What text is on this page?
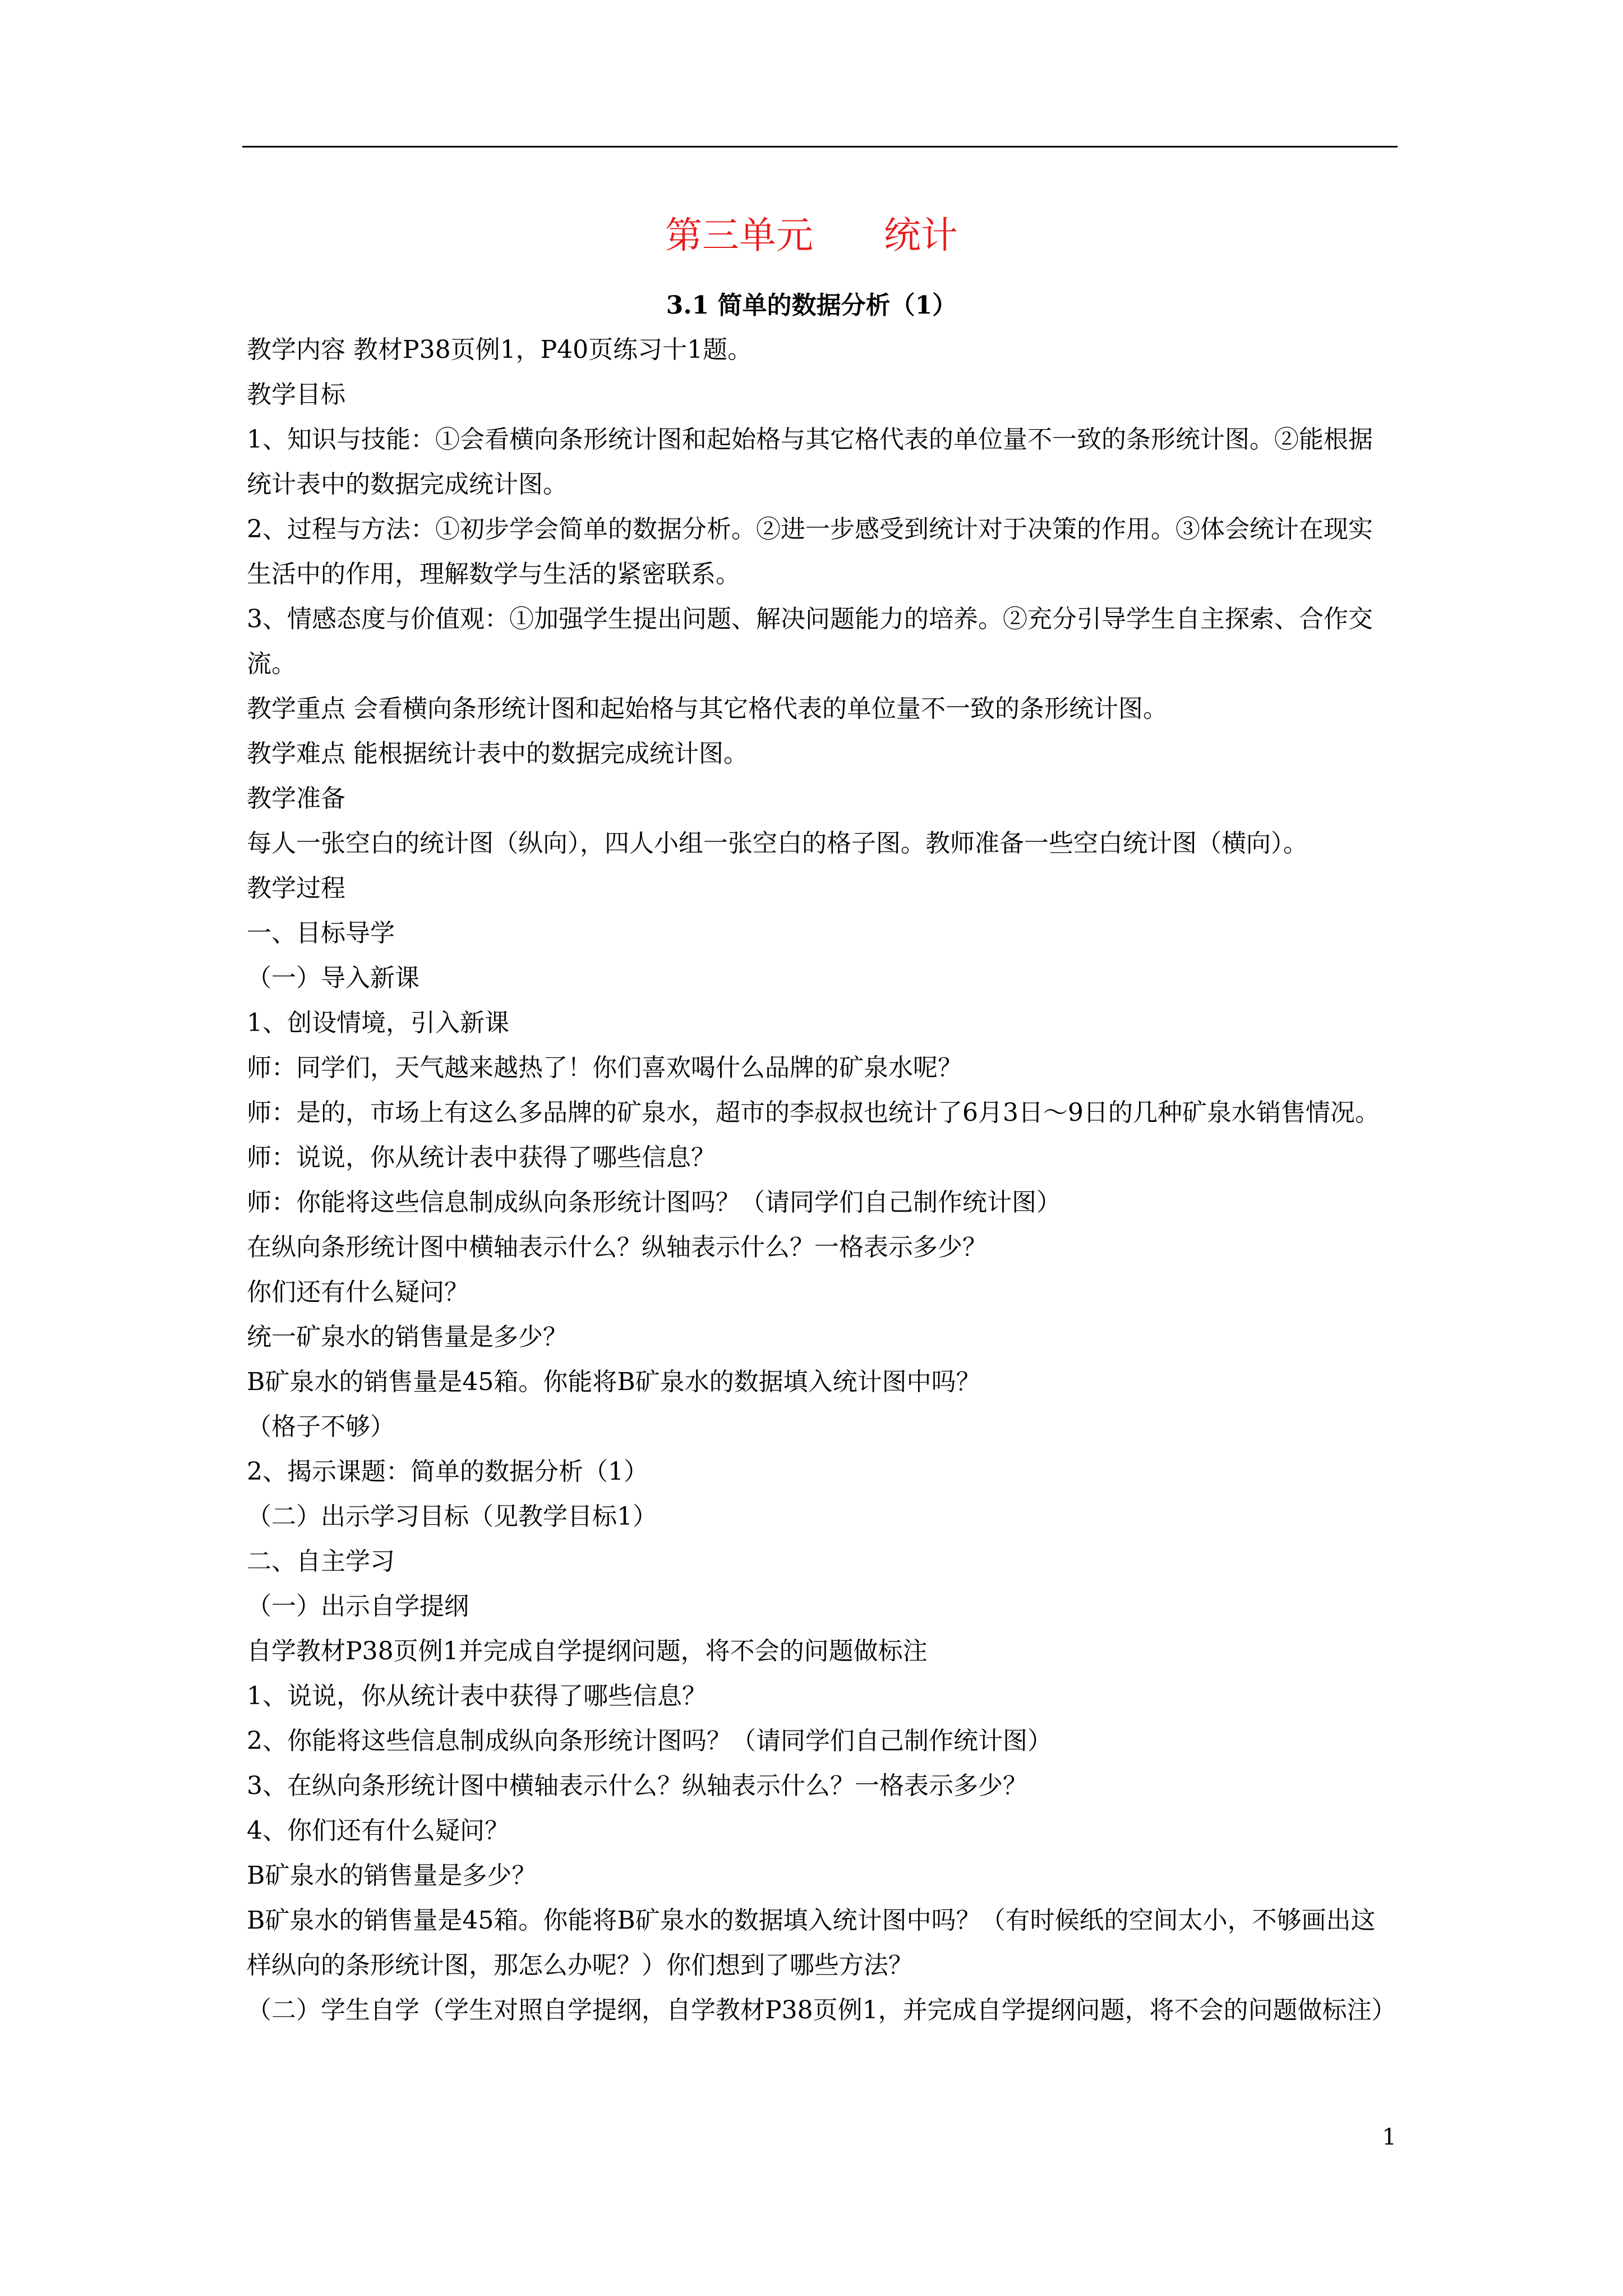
第三单元      统计
3.1 简单的数据分析（1）

教学内容 教材P38页例1，P40页练习十1题。

教学目标

1、知识与技能：①会看横向条形统计图和起始格与其它格代表的单位量不一致的条形统计图。②能根据统计表中的数据完成统计图。

2、过程与方法：①初步学会简单的数据分析。②进一步感受到统计对于决策的作用。③体会统计在现实生活中的作用，理解数学与生活的紧密联系。

3、情感态度与价值观：①加强学生提出问题、解决问题能力的培养。②充分引导学生自主探索、合作交流。

教学重点 会看横向条形统计图和起始格与其它格代表的单位量不一致的条形统计图。

教学难点 能根据统计表中的数据完成统计图。

教学准备

每人一张空白的统计图（纵向），四人小组一张空白的格子图。教师准备一些空白统计图（横向）。

教学过程

一、目标导学

（一）导入新课

1、创设情境，引入新课

师：同学们，天气越来越热了！你们喜欢喝什么品牌的矿泉水呢？

师：是的，市场上有这么多品牌的矿泉水，超市的李叔叔也统计了6月3日～9日的几种矿泉水销售情况。

师：说说，你从统计表中获得了哪些信息？

师：你能将这些信息制成纵向条形统计图吗？（请同学们自己制作统计图）

在纵向条形统计图中横轴表示什么？纵轴表示什么？一格表示多少？

你们还有什么疑问？

统一矿泉水的销售量是多少？

B矿泉水的销售量是45箱。你能将B矿泉水的数据填入统计图中吗？

（格子不够）

2、揭示课题：简单的数据分析（1）

（二）出示学习目标（见教学目标1）

二、自主学习

（一）出示自学提纲

自学教材P38页例1并完成自学提纲问题，将不会的问题做标注

1、说说，你从统计表中获得了哪些信息？

2、你能将这些信息制成纵向条形统计图吗？（请同学们自己制作统计图）

3、在纵向条形统计图中横轴表示什么？纵轴表示什么？一格表示多少？

4、你们还有什么疑问？

B矿泉水的销售量是多少？

B矿泉水的销售量是45箱。你能将B矿泉水的数据填入统计图中吗？（有时候纸的空间太小，不够画出这样纵向的条形统计图，那怎么办呢？）你们想到了哪些方法？

（二）学生自学（学生对照自学提纲，自学教材P38页例1，并完成自学提纲问题，将不会的问题做标注）

1
